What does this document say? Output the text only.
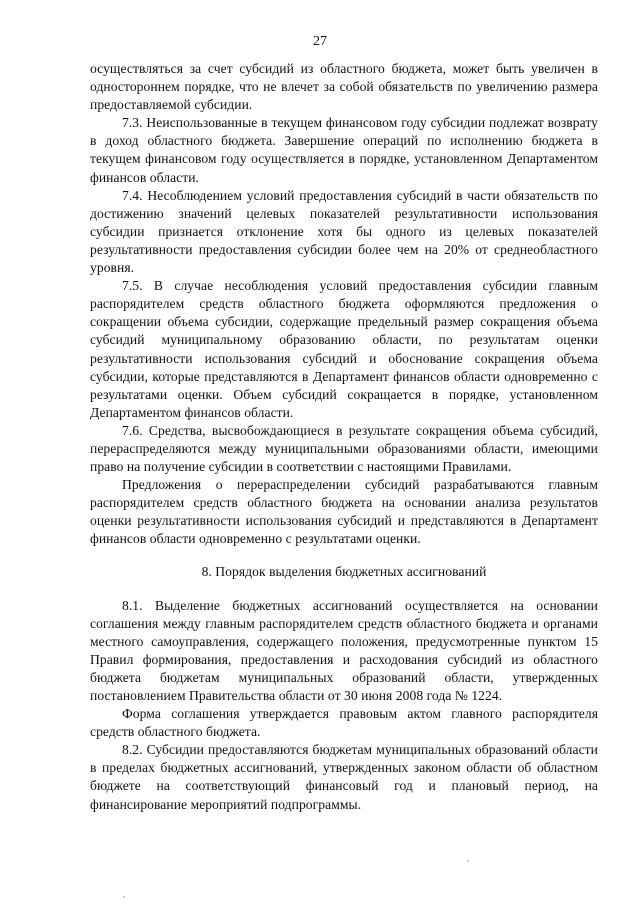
27

осуществляться за счет субсидий из областного бюджета, может быть увеличен в одностороннем порядке, что не влечет за собой обязательств по увеличению размера предоставляемой субсидии.

7.3. Неиспользованные в текущем финансовом году субсидии подлежат возврату в доход областного бюджета. Завершение операций по исполнению бюджета в текущем финансовом году осуществляется в порядке, установленном Департаментом финансов области.

7.4. Несоблюдением условий предоставления субсидий в части обязательств по достижению значений целевых показателей результативности использования субсидии признается отклонение хотя бы одного из целевых показателей результативности предоставления субсидии более чем на 20% от среднеобластного уровня.

7.5. В случае несоблюдения условий предоставления субсидии главным распорядителем средств областного бюджета оформляются предложения о сокращении объема субсидии, содержащие предельный размер сокращения объема субсидий муниципальному образованию области, по результатам оценки результативности использования субсидий и обоснование сокращения объема субсидии, которые представляются в Департамент финансов области одновременно с результатами оценки. Объем субсидий сокращается в порядке, установленном Департаментом финансов области.

7.6. Средства, высвобождающиеся в результате сокращения объема субсидий, перераспределяются между муниципальными образованиями области, имеющими право на получение субсидии в соответствии с настоящими Правилами.

Предложения о перераспределении субсидий разрабатываются главным распорядителем средств областного бюджета на основании анализа результатов оценки результативности использования субсидий и представляются в Департамент финансов области одновременно с результатами оценки.

8. Порядок выделения бюджетных ассигнований

8.1. Выделение бюджетных ассигнований осуществляется на основании соглашения между главным распорядителем средств областного бюджета и органами местного самоуправления, содержащего положения, предусмотренные пунктом 15 Правил формирования, предоставления и расходования субсидий из областного бюджета бюджетам муниципальных образований области, утвержденных постановлением Правительства области от 30 июня 2008 года № 1224.

Форма соглашения утверждается правовым актом главного распорядителя средств областного бюджета.

8.2. Субсидии предоставляются бюджетам муниципальных образований области в пределах бюджетных ассигнований, утвержденных законом области об областном бюджете на соответствующий финансовый год и плановый период, на финансирование мероприятий подпрограммы.
